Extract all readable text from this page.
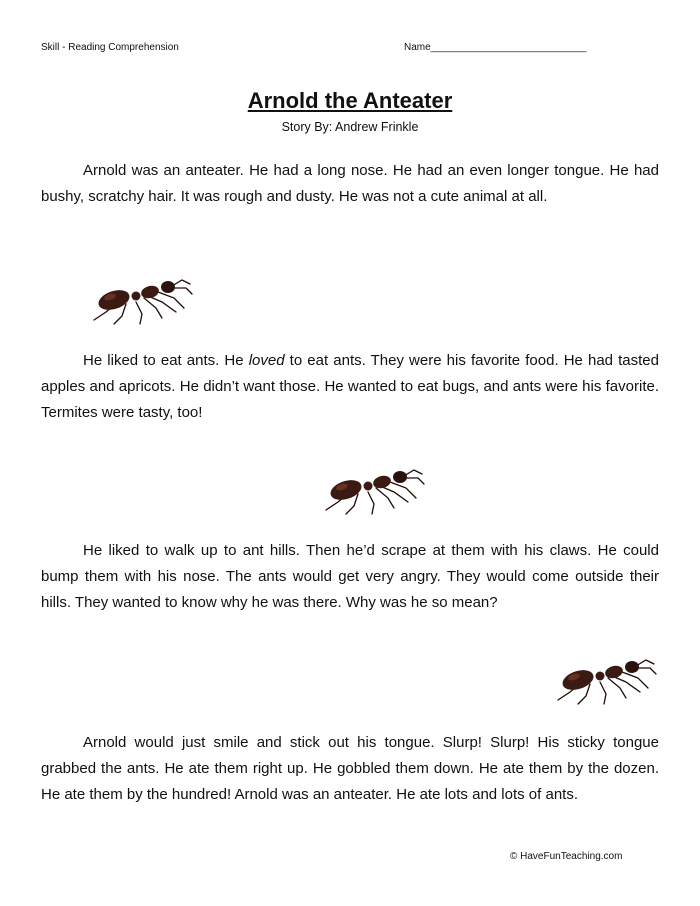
Skill - Reading Comprehension	Name____________________________
Arnold the Anteater
Story By: Andrew Frinkle

Arnold was an anteater. He had a long nose. He had an even longer tongue. He had bushy, scratchy hair. It was rough and dusty. He was not a cute animal at all.

He liked to eat ants. He loved to eat ants. They were his favorite food. He had tasted apples and apricots. He didn’t want those. He wanted to eat bugs, and ants were his favorite. Termites were tasty, too!

He liked to walk up to ant hills. Then he’d scrape at them with his claws. He could bump them with his nose. The ants would get very angry. They would come outside their hills. They wanted to know why he was there. Why was he so mean?

Arnold would just smile and stick out his tongue. Slurp! Slurp! His sticky tongue grabbed the ants. He ate them right up. He gobbled them down. He ate them by the dozen. He ate them by the hundred! Arnold was an anteater. He ate lots and lots of ants.

© HaveFunTeaching.com
